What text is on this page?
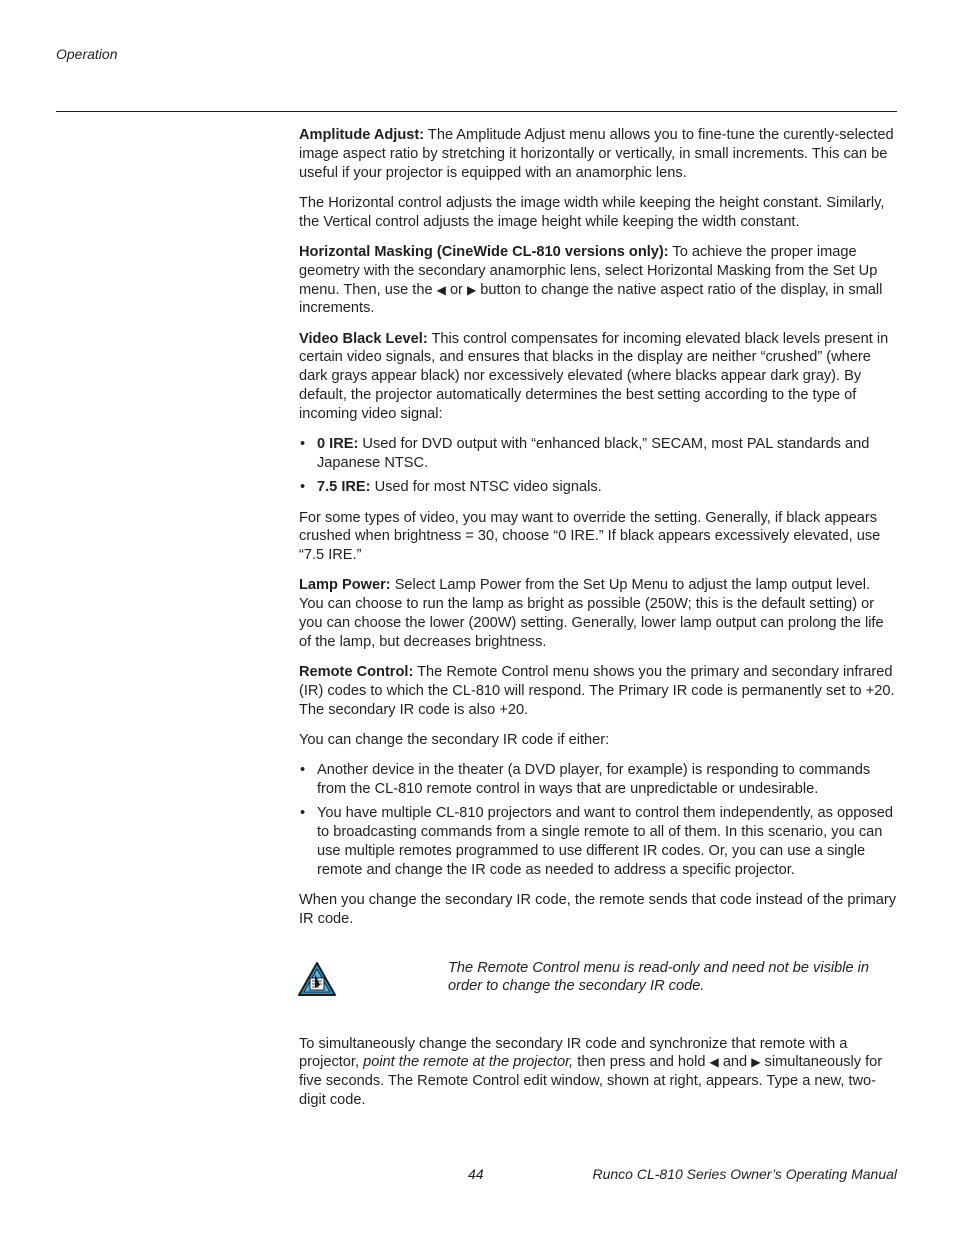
Operation

Amplitude Adjust: The Amplitude Adjust menu allows you to fine-tune the curently-selected image aspect ratio by stretching it horizontally or vertically, in small increments. This can be useful if your projector is equipped with an anamorphic lens.

The Horizontal control adjusts the image width while keeping the height constant. Similarly, the Vertical control adjusts the image height while keeping the width constant.

Horizontal Masking (CineWide CL-810 versions only): To achieve the proper image geometry with the secondary anamorphic lens, select Horizontal Masking from the Set Up menu. Then, use the ◀ or ▶ button to change the native aspect ratio of the display, in small increments.

Video Black Level: This control compensates for incoming elevated black levels present in certain video signals, and ensures that blacks in the display are neither “crushed” (where dark grays appear black) nor excessively elevated (where blacks appear dark gray). By default, the projector automatically determines the best setting according to the type of incoming video signal:

• 0 IRE: Used for DVD output with “enhanced black,” SECAM, most PAL standards and Japanese NTSC.
• 7.5 IRE: Used for most NTSC video signals.

For some types of video, you may want to override the setting. Generally, if black appears crushed when brightness = 30, choose “0 IRE.” If black appears excessively elevated, use “7.5 IRE.”

Lamp Power: Select Lamp Power from the Set Up Menu to adjust the lamp output level. You can choose to run the lamp as bright as possible (250W; this is the default setting) or you can choose the lower (200W) setting. Generally, lower lamp output can prolong the life of the lamp, but decreases brightness.

Remote Control: The Remote Control menu shows you the primary and secondary infrared (IR) codes to which the CL-810 will respond. The Primary IR code is permanently set to +20. The secondary IR code is also +20.

You can change the secondary IR code if either:

• Another device in the theater (a DVD player, for example) is responding to commands from the CL-810 remote control in ways that are unpredictable or undesirable.
• You have multiple CL-810 projectors and want to control them independently, as opposed to broadcasting commands from a single remote to all of them. In this scenario, you can use multiple remotes programmed to use different IR codes. Or, you can use a single remote and change the IR code as needed to address a specific projector.

When you change the secondary IR code, the remote sends that code instead of the primary IR code.

The Remote Control menu is read-only and need not be visible in order to change the secondary IR code.

To simultaneously change the secondary IR code and synchronize that remote with a projector, point the remote at the projector, then press and hold ◀ and ▶ simultaneously for five seconds. The Remote Control edit window, shown at right, appears. Type a new, two-digit code.

44	Runco CL-810 Series Owner’s Operating Manual
